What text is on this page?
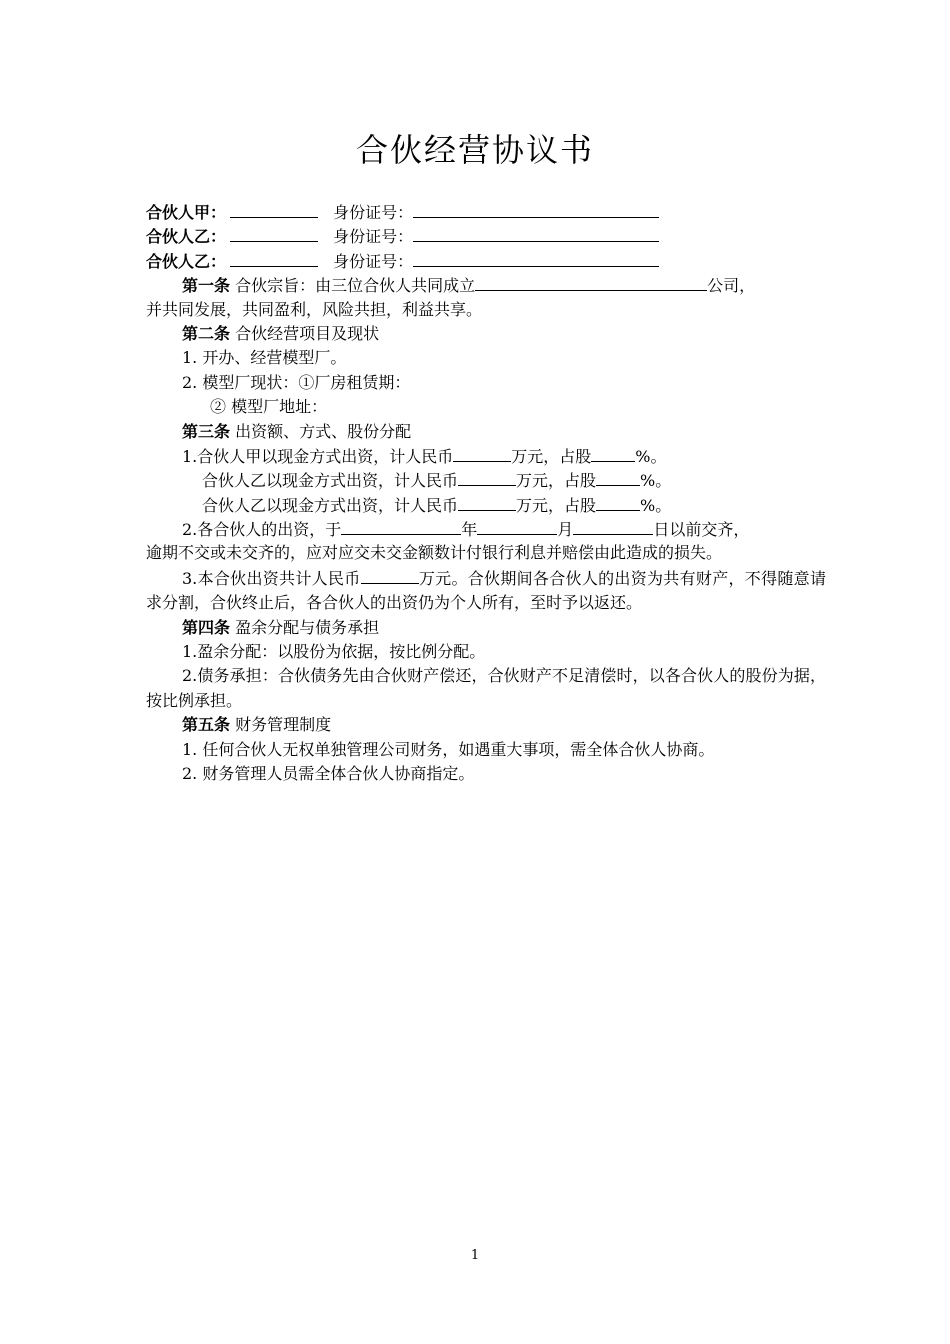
合伙经营协议书
合伙人甲：	身份证号：
合伙人乙：	身份证号：
合伙人乙：	身份证号：
第一条 合伙宗旨：由三位合伙人共同成立	公司，
并共同发展，共同盈利，风险共担，利益共享。
第二条 合伙经营项目及现状
1. 开办、经营模型厂。
2. 模型厂现状：①厂房租赁期：
② 模型厂地址：
第三条 出资额、方式、股份分配
1.合伙人甲以现金方式出资，计人民币	万元，占股	%。
合伙人乙以现金方式出资，计人民币	万元，占股	%。
合伙人乙以现金方式出资，计人民币	万元，占股	%。
2.各合伙人的出资，于	年	月	日以前交齐，
逾期不交或未交齐的，应对应交未交金额数计付银行利息并赔偿由此造成的损失。
3.本合伙出资共计人民币	万元。合伙期间各合伙人的出资为共有财产，不得随意请求分割，合伙终止后，各合伙人的出资仍为个人所有，至时予以返还。
第四条 盈余分配与债务承担
1.盈余分配：以股份为依据，按比例分配。
2.债务承担：合伙债务先由合伙财产偿还，合伙财产不足清偿时，以各合伙人的股份为据，按比例承担。
第五条 财务管理制度
1. 任何合伙人无权单独管理公司财务，如遇重大事项，需全体合伙人协商。
2. 财务管理人员需全体合伙人协商指定。
1
